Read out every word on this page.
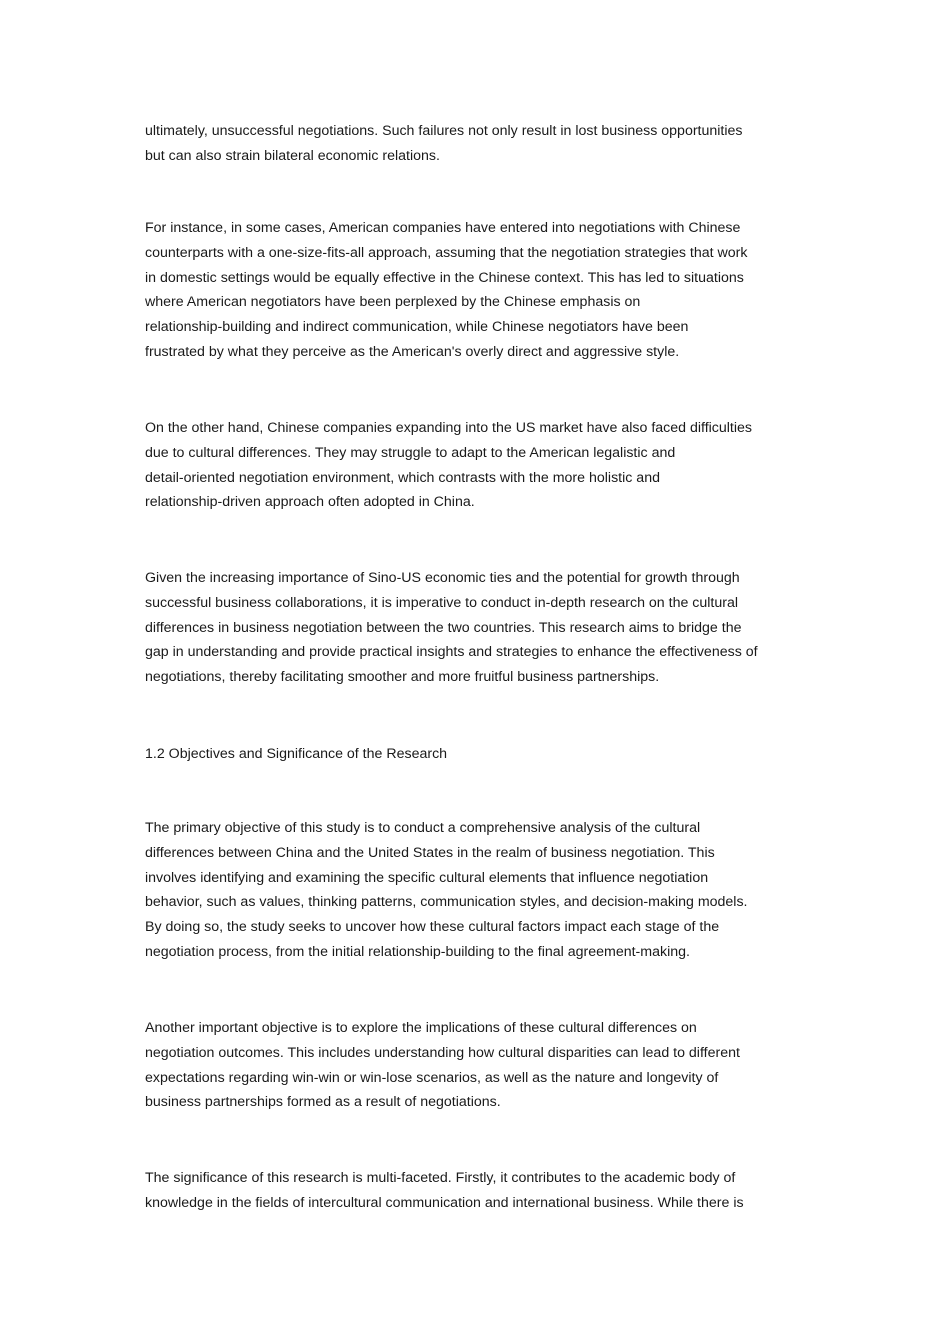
ultimately, unsuccessful negotiations. Such failures not only result in lost business opportunities
but can also strain bilateral economic relations.

For instance, in some cases, American companies have entered into negotiations with Chinese
counterparts with a one-size-fits-all approach, assuming that the negotiation strategies that work
in domestic settings would be equally effective in the Chinese context. This has led to situations
where American negotiators have been perplexed by the Chinese emphasis on
relationship-building and indirect communication, while Chinese negotiators have been
frustrated by what they perceive as the American's overly direct and aggressive style.

On the other hand, Chinese companies expanding into the US market have also faced difficulties
due to cultural differences. They may struggle to adapt to the American legalistic and
detail-oriented negotiation environment, which contrasts with the more holistic and
relationship-driven approach often adopted in China.

Given the increasing importance of Sino-US economic ties and the potential for growth through
successful business collaborations, it is imperative to conduct in-depth research on the cultural
differences in business negotiation between the two countries. This research aims to bridge the
gap in understanding and provide practical insights and strategies to enhance the effectiveness of
negotiations, thereby facilitating smoother and more fruitful business partnerships.

1.2 Objectives and Significance of the Research

The primary objective of this study is to conduct a comprehensive analysis of the cultural
differences between China and the United States in the realm of business negotiation. This
involves identifying and examining the specific cultural elements that influence negotiation
behavior, such as values, thinking patterns, communication styles, and decision-making models.
By doing so, the study seeks to uncover how these cultural factors impact each stage of the
negotiation process, from the initial relationship-building to the final agreement-making.

Another important objective is to explore the implications of these cultural differences on
negotiation outcomes. This includes understanding how cultural disparities can lead to different
expectations regarding win-win or win-lose scenarios, as well as the nature and longevity of
business partnerships formed as a result of negotiations.

The significance of this research is multi-faceted. Firstly, it contributes to the academic body of
knowledge in the fields of intercultural communication and international business. While there is
